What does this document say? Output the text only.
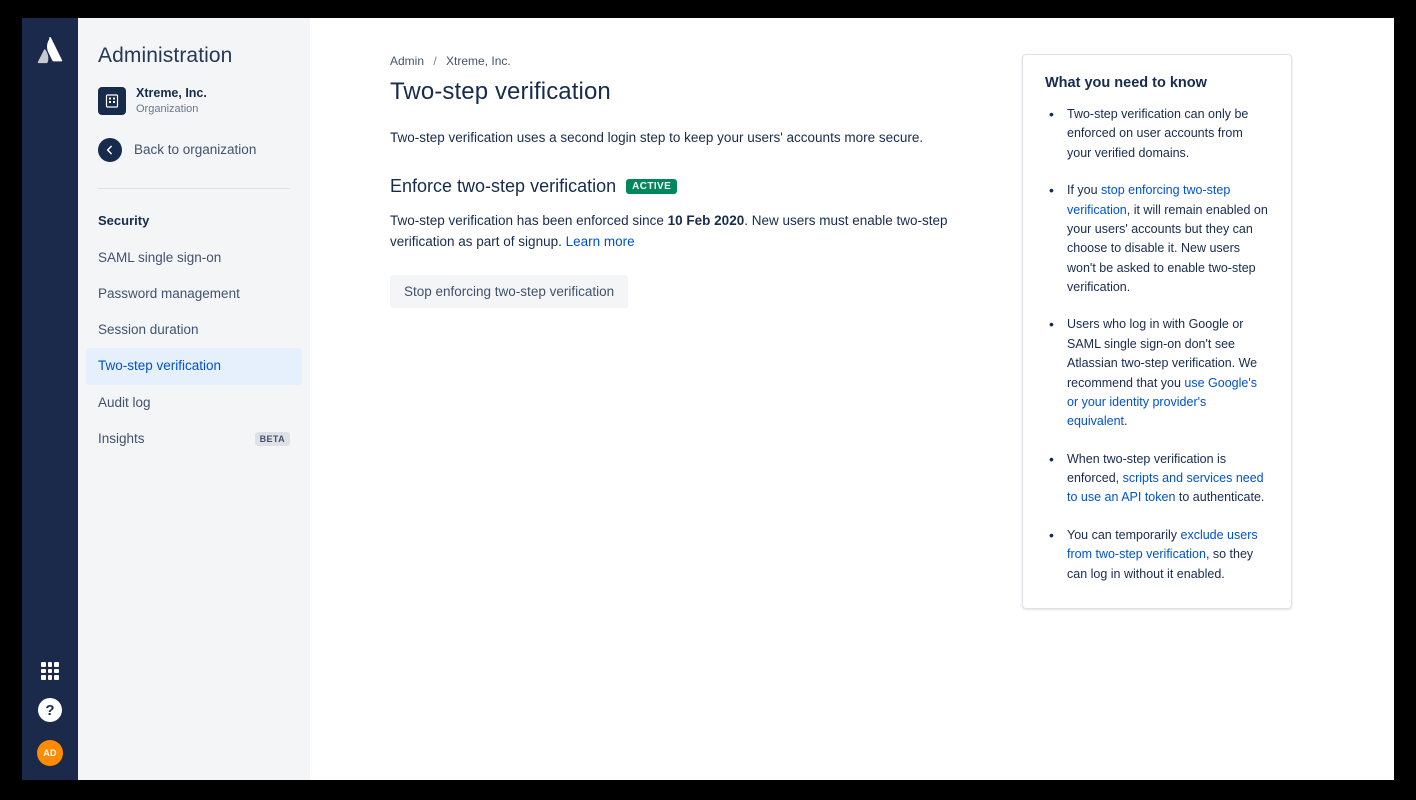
?
AD
Administration
Xtreme, Inc.
Organization
Back to organization
Security
SAML single sign-on
Password management
Session duration
Two-step verification
Audit log
Insights	BETA
Admin / Xtreme, Inc.
Two-step verification
Two-step verification uses a second login step to keep your users' accounts more secure.
Enforce two-step verification	ACTIVE
Two-step verification has been enforced since 10 Feb 2020. New users must enable two-step verification as part of signup. Learn more
Stop enforcing two-step verification
What you need to know
• Two-step verification can only be enforced on user accounts from your verified domains.
• If you stop enforcing two-step verification, it will remain enabled on your users' accounts but they can choose to disable it. New users won't be asked to enable two-step verification.
• Users who log in with Google or SAML single sign-on don't see Atlassian two-step verification. We recommend that you use Google's or your identity provider's equivalent.
• When two-step verification is enforced, scripts and services need to use an API token to authenticate.
• You can temporarily exclude users from two-step verification, so they can log in without it enabled.
